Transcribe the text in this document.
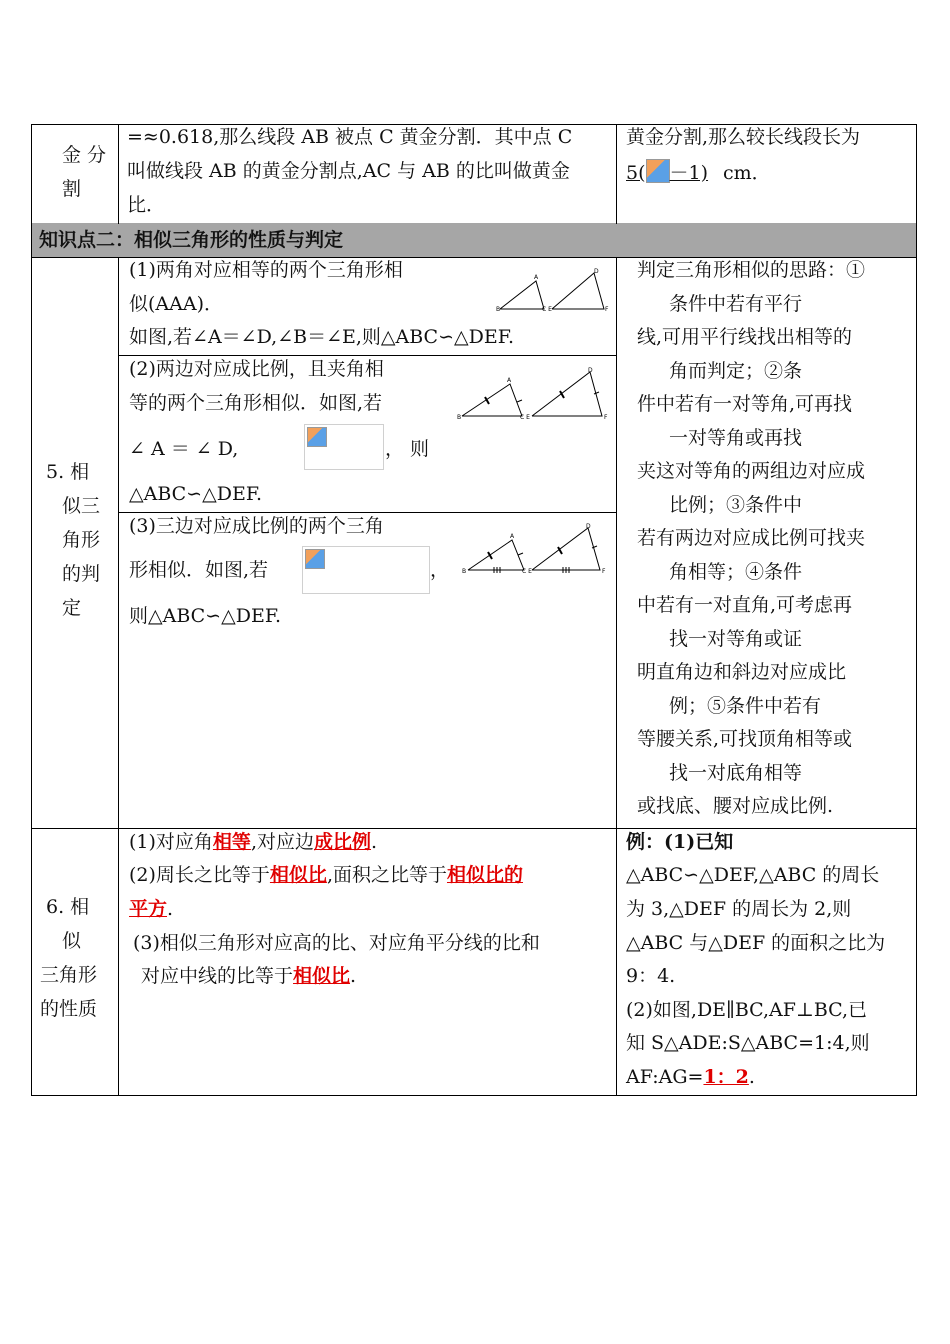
知识点二：相似三角形的性质与判定
金 分
割
=≈0.618,那么线段 AB 被点 C 黄金分割．其中点 C
叫做线段 AB 的黄金分割点,AC 与 AB 的比叫做黄金
比．
黄金分割,那么较长线段长为
5( －1) cm．
5. 相
似三
角形
的判
定
(1)两角对应相等的两个三角形相
似(AAA)．
如图,若∠A＝∠D,∠B＝∠E,则△ABC∽△DEF.
B
A
C E
D
F
(2)两边对应成比例，且夹角相
等的两个三角形相似．如图,若
∠ A ＝ ∠ D,	， 则
△ABC∽△DEF.
B
A
C E
D
F
(3)三边对应成比例的两个三角
形相似．如图,若	，
则△ABC∽△DEF.
B
A
C E
D
F
判定三角形相似的思路：①
条件中若有平行
线,可用平行线找出相等的
角而判定；②条
件中若有一对等角,可再找
一对等角或再找
夹这对等角的两组边对应成
比例；③条件中
若有两边对应成比例可找夹
角相等；④条件
中若有一对直角,可考虑再
找一对等角或证
明直角边和斜边对应成比
例；⑤条件中若有
等腰关系,可找顶角相等或
找一对底角相等
或找底、腰对应成比例.
6. 相
似
三角形
的性质
(1)对应角相等,对应边成比例.
(2)周长之比等于相似比,面积之比等于相似比的
平方.
(3)相似三角形对应高的比、对应角平分线的比和
对应中线的比等于相似比.
例：(1)已知
△ABC∽△DEF,△ABC 的周长
为 3,△DEF 的周长为 2,则
△ABC 与△DEF 的面积之比为
9：4.
(2)如图,DE∥BC,AF⊥BC,已
知 S△ADE:S△ABC=1:4,则
AF:AG=1：2.
